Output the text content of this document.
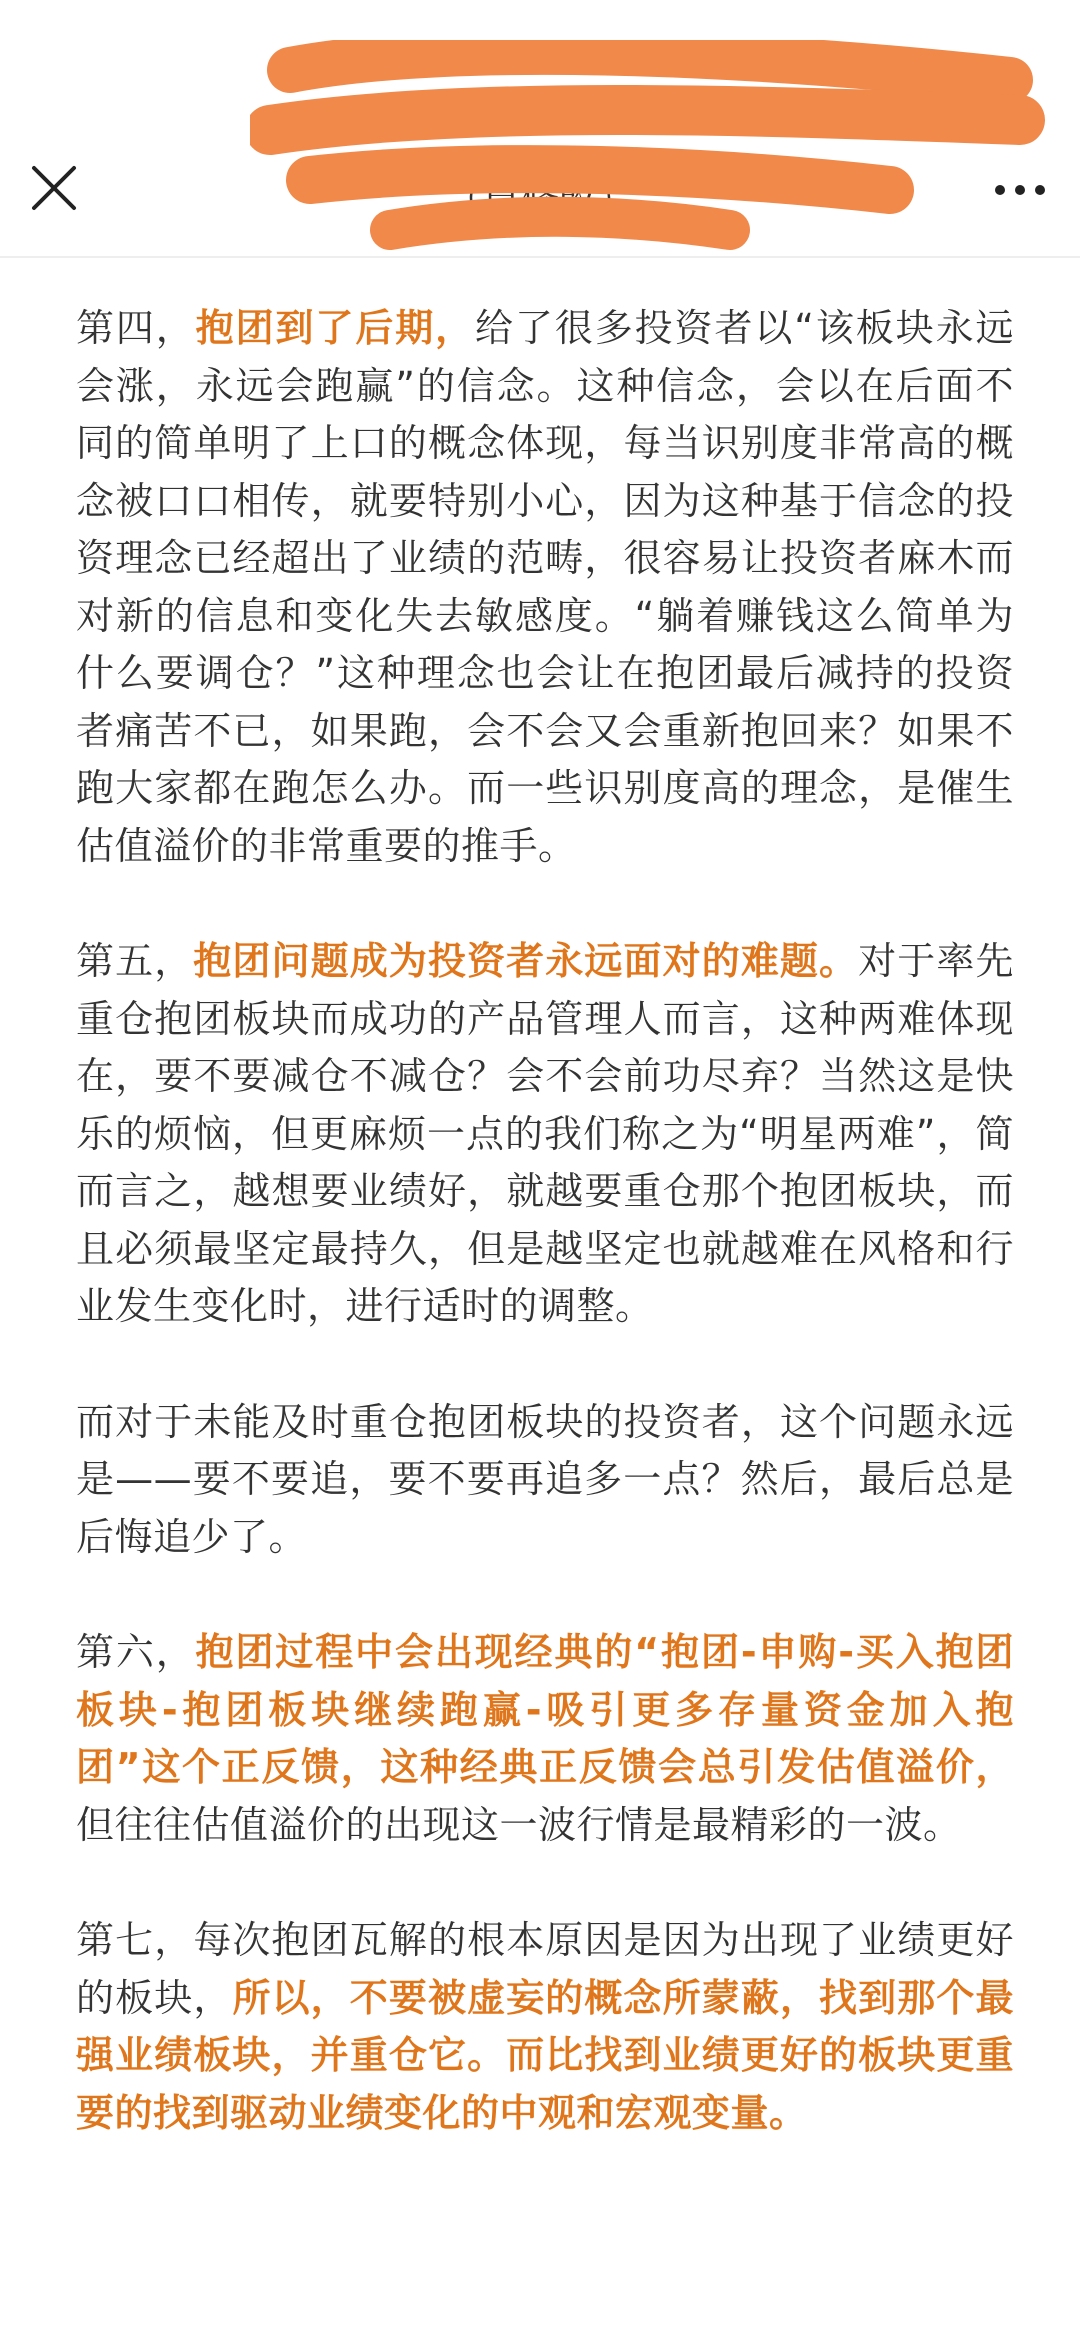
（已修改）

第四，抱团到了后期，给了很多投资者以“该板块永远会涨，永远会跑赢”的信念。这种信念，会以在后面不同的简单明了上口的概念体现，每当识别度非常高的概念被口口相传，就要特别小心，因为这种基于信念的投资理念已经超出了业绩的范畴，很容易让投资者麻木而对新的信息和变化失去敏感度。“躺着赚钱这么简单为什么要调仓？”这种理念也会让在抱团最后减持的投资者痛苦不已，如果跑，会不会又会重新抱回来？如果不跑大家都在跑怎么办。而一些识别度高的理念，是催生估值溢价的非常重要的推手。

第五，抱团问题成为投资者永远面对的难题。对于率先重仓抱团板块而成功的产品管理人而言，这种两难体现在，要不要减仓不减仓？会不会前功尽弃？当然这是快乐的烦恼，但更麻烦一点的我们称之为“明星两难”，简而言之，越想要业绩好，就越要重仓那个抱团板块，而且必须最坚定最持久，但是越坚定也就越难在风格和行业发生变化时，进行适时的调整。

而对于未能及时重仓抱团板块的投资者，这个问题永远是——要不要追，要不要再追多一点？然后，最后总是后悔追少了。

第六，抱团过程中会出现经典的“抱团-申购-买入抱团板块-抱团板块继续跑赢-吸引更多存量资金加入抱团”这个正反馈，这种经典正反馈会总引发估值溢价，但往往估值溢价的出现这一波行情是最精彩的一波。

第七，每次抱团瓦解的根本原因是因为出现了业绩更好的板块，所以，不要被虚妄的概念所蒙蔽，找到那个最强业绩板块，并重仓它。而比找到业绩更好的板块更重要的找到驱动业绩变化的中观和宏观变量。
